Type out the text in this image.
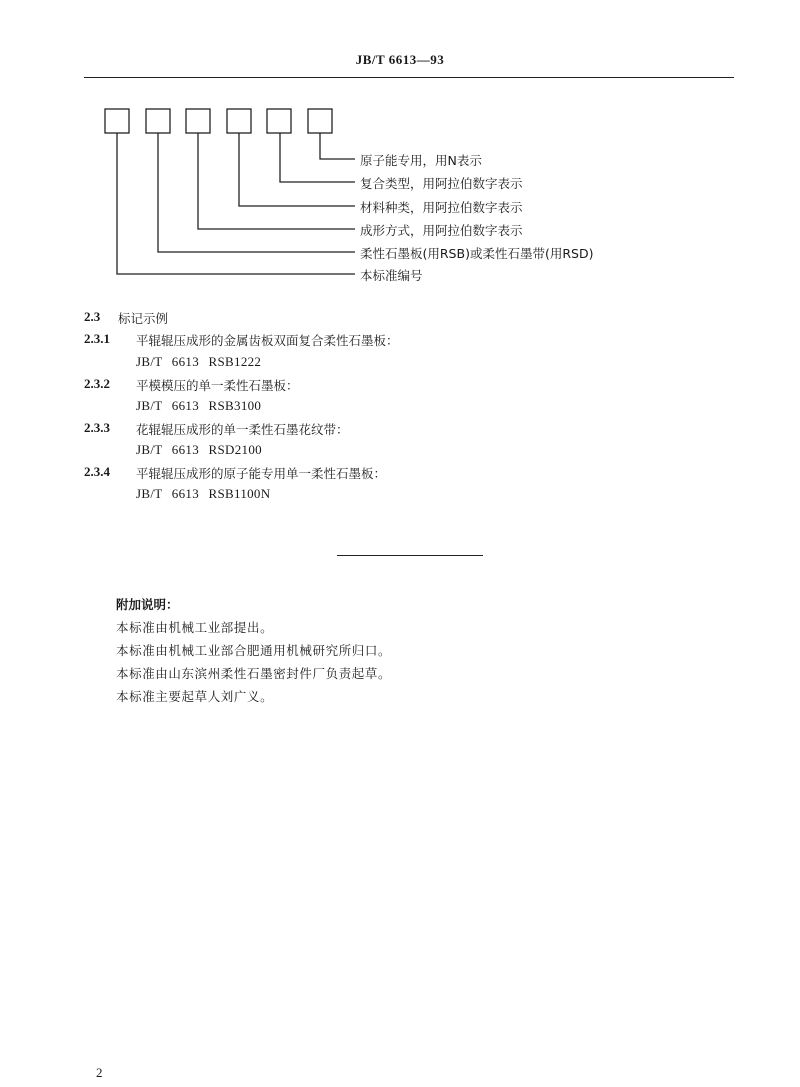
JB/T 6613—93
原子能专用，用N表示
复合类型，用阿拉伯数字表示
材料种类，用阿拉伯数字表示
成形方式，用阿拉伯数字表示
柔性石墨板(用RSB)或柔性石墨带(用RSD)
本标准编号
2.3 标记示例
2.3.1 平辊辊压成形的金属齿板双面复合柔性石墨板：
JB/T 6613 RSB1222
2.3.2 平模模压的单一柔性石墨板：
JB/T 6613 RSB3100
2.3.3 花辊辊压成形的单一柔性石墨花纹带：
JB/T 6613 RSD2100
2.3.4 平辊辊压成形的原子能专用单一柔性石墨板：
JB/T 6613 RSB1100N
附加说明：
本标准由机械工业部提出。
本标准由机械工业部合肥通用机械研究所归口。
本标准由山东滨州柔性石墨密封件厂负责起草。
本标准主要起草人刘广义。
2
